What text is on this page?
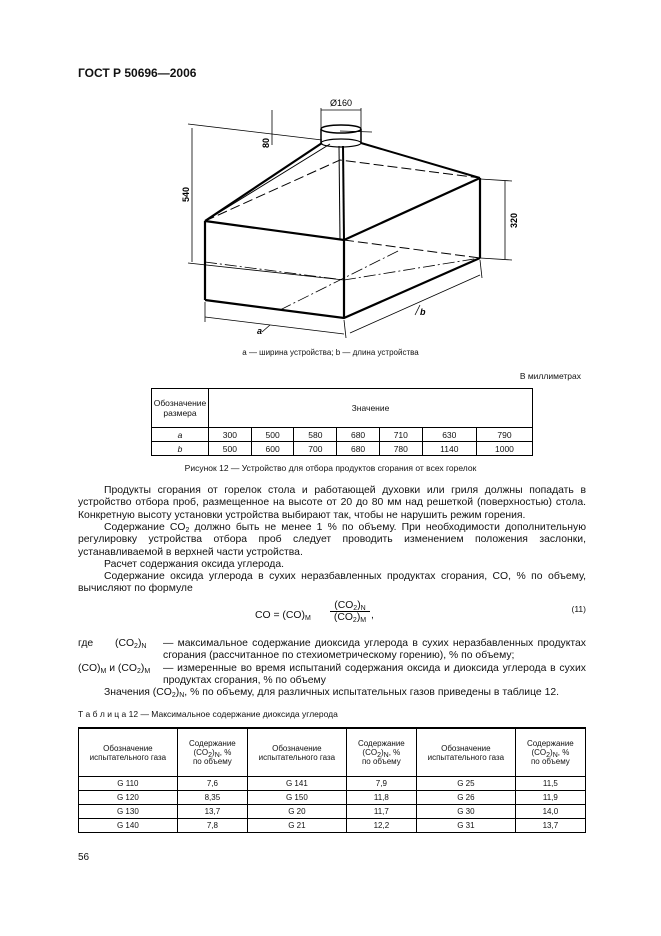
ГОСТ Р 50696—2006
Ø160
80
540
320
a
b
a — ширина устройства; b — длина устройства
В миллиметрах
Обозначение размера	Значение						
a	300	500	580	680	710	630	790
b	500	600	700	680	780	1140	1000
Рисунок 12 — Устройство для отбора продуктов сгорания от всех горелок
Продукты сгорания от горелок стола и работающей духовки или гриля должны попадать в устройство отбора проб, размещенное на высоте от 20 до 80 мм над решеткой (поверхностью) стола. Конкретную высоту установки устройства выбирают так, чтобы не нарушить режим горения.
Содержание $CO_2$ должно быть не менее 1 % по объему. При необходимости дополнительную регулировку устройства отбора проб следует проводить изменением положения заслонки, устанавливаемой в верхней части устройства.
Расчет содержания оксида углерода.
Содержание оксида углерода в сухих неразбавленных продуктах сгорания, CO, % по объему, вычисляют по формуле
CO = $(CO)_M$
$(CO_2)_N$
$(CO_2)_M$ ,
(11)
где $(CO_2)_N$ — максимальное содержание диоксида углерода в сухих неразбавленных продуктах сгорания (рассчитанное по стехиометрическому горению), % по объему;
$(CO)_M$ и $(CO_2)_M$	— измеренные во время испытаний содержания оксида и диоксида углерода в сухих продуктах сгорания, % по объему
Значения $(CO_2)_N$, % по объему, для различных испытательных газов приведены в таблице 12.
Т а б л и ц а 12 — Максимальное содержание диоксида углерода
Обозначение испытательного газа	Содержание $(CO_2)_N$, %
по объему	Обозначение испытательного газа	Содержание $(CO_2)_N$, %
по объему	Обозначение испытательного газа	Содержание $(CO_2)_N$, %
по объему
G 110	7,6	G 141	7,9	G 25	11,5
G 120	8,35	G 150	11,8	G 26	11,9
G 130	13,7	G 20	11,7	G 30	14,0
G 140	7,8	G 21	12,2	G 31	13,7
56
